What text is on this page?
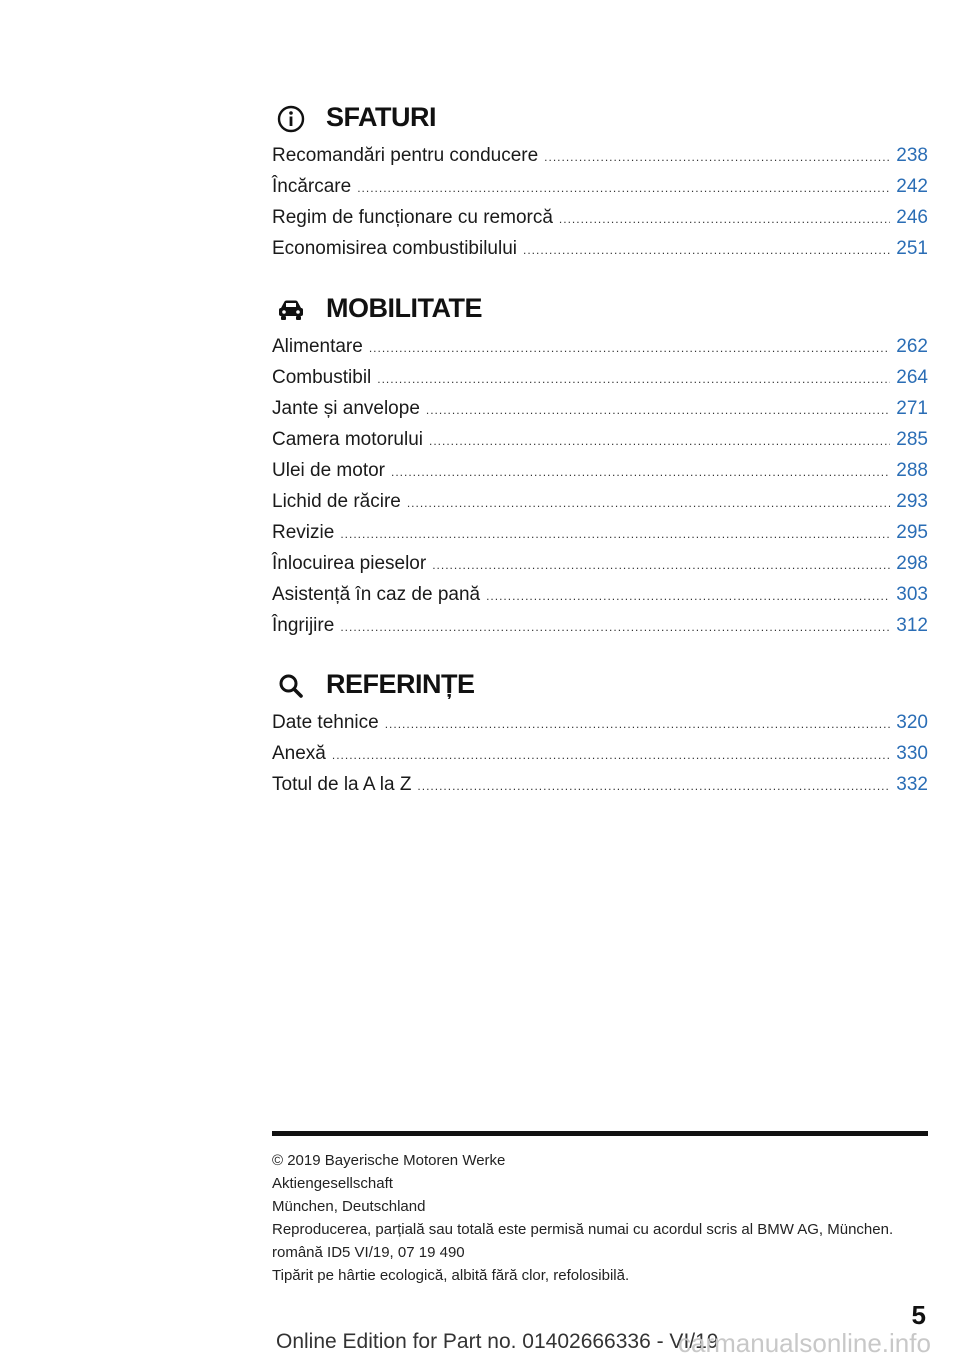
SFATURI
Recomandări pentru conducere .....	238
Încărcare .....	242
Regim de funcționare cu remorcă .....	246
Economisirea combustibilului .....	251
MOBILITATE
Alimentare .....	262
Combustibil .....	264
Jante și anvelope .....	271
Camera motorului .....	285
Ulei de motor .....	288
Lichid de răcire .....	293
Revizie .....	295
Înlocuirea pieselor .....	298
Asistență în caz de pană .....	303
Îngrijire .....	312
REFERINȚE
Date tehnice .....	320
Anexă .....	330
Totul de la A la Z .....	332
© 2019 Bayerische Motoren Werke
Aktiengesellschaft
München, Deutschland
Reproducerea, parțială sau totală este permisă numai cu acordul scris al BMW AG, München.
română ID5 VI/19, 07 19 490
Tipărit pe hârtie ecologică, albită fără clor, refolosibilă.
5
Online Edition for Part no. 01402666336 - VI/19
carmanualsonline.info
